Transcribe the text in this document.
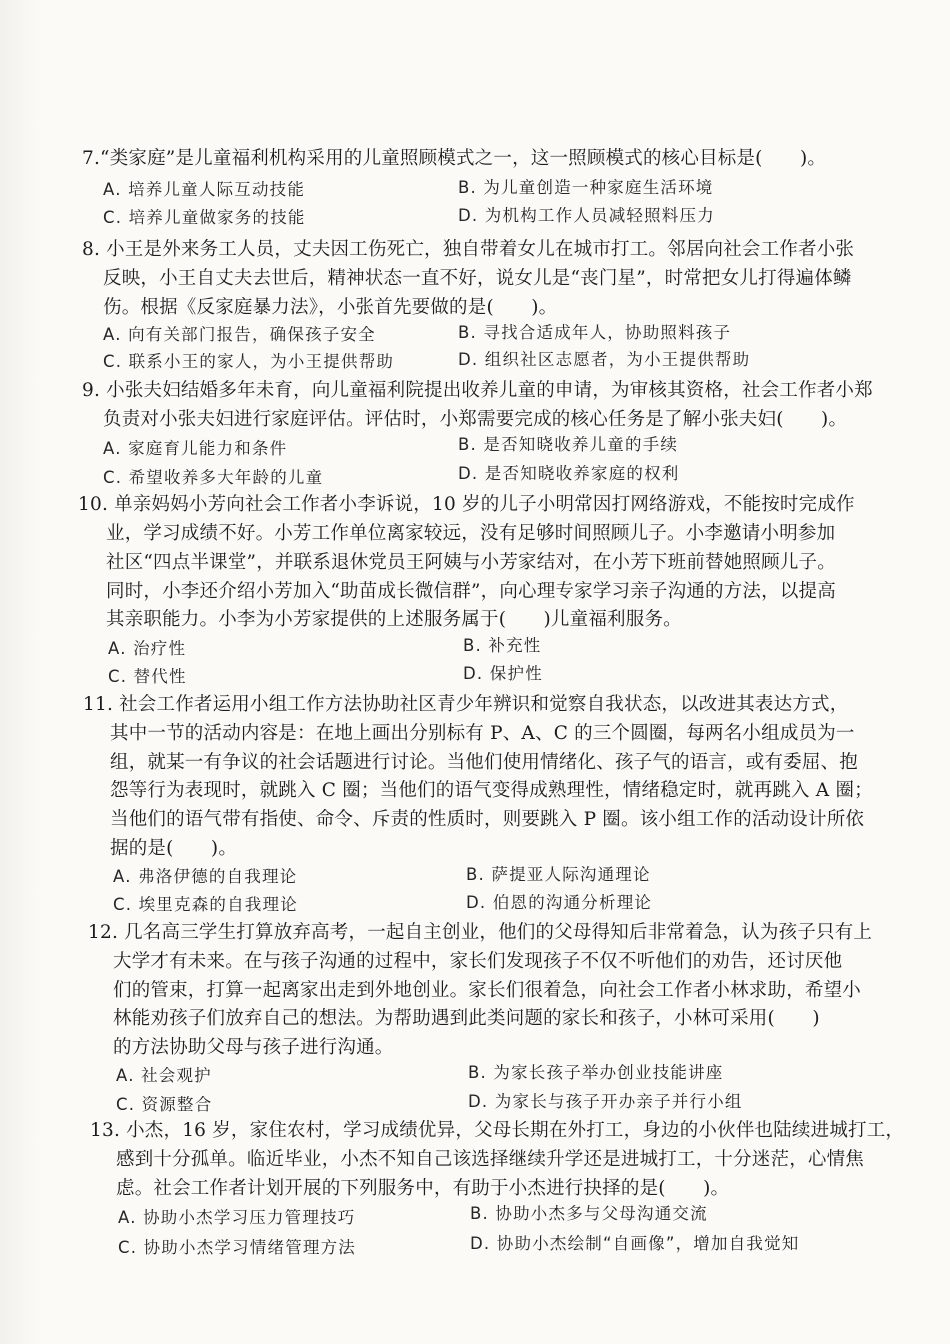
7.“类家庭”是儿童福利机构采用的儿童照顾模式之一，这一照顾模式的核心目标是(　　)。
A. 培养儿童人际互动技能	B. 为儿童创造一种家庭生活环境
C. 培养儿童做家务的技能	D. 为机构工作人员减轻照料压力
8. 小王是外来务工人员，丈夫因工伤死亡，独自带着女儿在城市打工。邻居向社会工作者小张
反映，小王自丈夫去世后，精神状态一直不好，说女儿是“丧门星”，时常把女儿打得遍体鳞
伤。根据《反家庭暴力法》，小张首先要做的是(　　)。
A. 向有关部门报告，确保孩子安全	B. 寻找合适成年人，协助照料孩子
C. 联系小王的家人，为小王提供帮助	D. 组织社区志愿者，为小王提供帮助
9. 小张夫妇结婚多年未育，向儿童福利院提出收养儿童的申请，为审核其资格，社会工作者小郑
负责对小张夫妇进行家庭评估。评估时，小郑需要完成的核心任务是了解小张夫妇(　　)。
A. 家庭育儿能力和条件	B. 是否知晓收养儿童的手续
C. 希望收养多大年龄的儿童	D. 是否知晓收养家庭的权利
10. 单亲妈妈小芳向社会工作者小李诉说，10 岁的儿子小明常因打网络游戏，不能按时完成作
业，学习成绩不好。小芳工作单位离家较远，没有足够时间照顾儿子。小李邀请小明参加
社区“四点半课堂”，并联系退休党员王阿姨与小芳家结对，在小芳下班前替她照顾儿子。
同时，小李还介绍小芳加入“助苗成长微信群”，向心理专家学习亲子沟通的方法，以提高
其亲职能力。小李为小芳家提供的上述服务属于(　　)儿童福利服务。
A. 治疗性	B. 补充性
C. 替代性	D. 保护性
11. 社会工作者运用小组工作方法协助社区青少年辨识和觉察自我状态，以改进其表达方式，
其中一节的活动内容是：在地上画出分别标有 P、A、C 的三个圆圈，每两名小组成员为一
组，就某一有争议的社会话题进行讨论。当他们使用情绪化、孩子气的语言，或有委屈、抱
怨等行为表现时，就跳入 C 圈；当他们的语气变得成熟理性，情绪稳定时，就再跳入 A 圈；
当他们的语气带有指使、命令、斥责的性质时，则要跳入 P 圈。该小组工作的活动设计所依
据的是(　　)。
A. 弗洛伊德的自我理论	B. 萨提亚人际沟通理论
C. 埃里克森的自我理论	D. 伯恩的沟通分析理论
12. 几名高三学生打算放弃高考，一起自主创业，他们的父母得知后非常着急，认为孩子只有上
大学才有未来。在与孩子沟通的过程中，家长们发现孩子不仅不听他们的劝告，还讨厌他
们的管束，打算一起离家出走到外地创业。家长们很着急，向社会工作者小林求助，希望小
林能劝孩子们放弃自己的想法。为帮助遇到此类问题的家长和孩子，小林可采用(　　)
的方法协助父母与孩子进行沟通。
A. 社会观护	B. 为家长孩子举办创业技能讲座
C. 资源整合	D. 为家长与孩子开办亲子并行小组
13. 小杰，16 岁，家住农村，学习成绩优异，父母长期在外打工，身边的小伙伴也陆续进城打工，
感到十分孤单。临近毕业，小杰不知自己该选择继续升学还是进城打工，十分迷茫，心情焦
虑。社会工作者计划开展的下列服务中，有助于小杰进行抉择的是(　　)。
A. 协助小杰学习压力管理技巧	B. 协助小杰多与父母沟通交流
C. 协助小杰学习情绪管理方法	D. 协助小杰绘制“自画像”，增加自我觉知
